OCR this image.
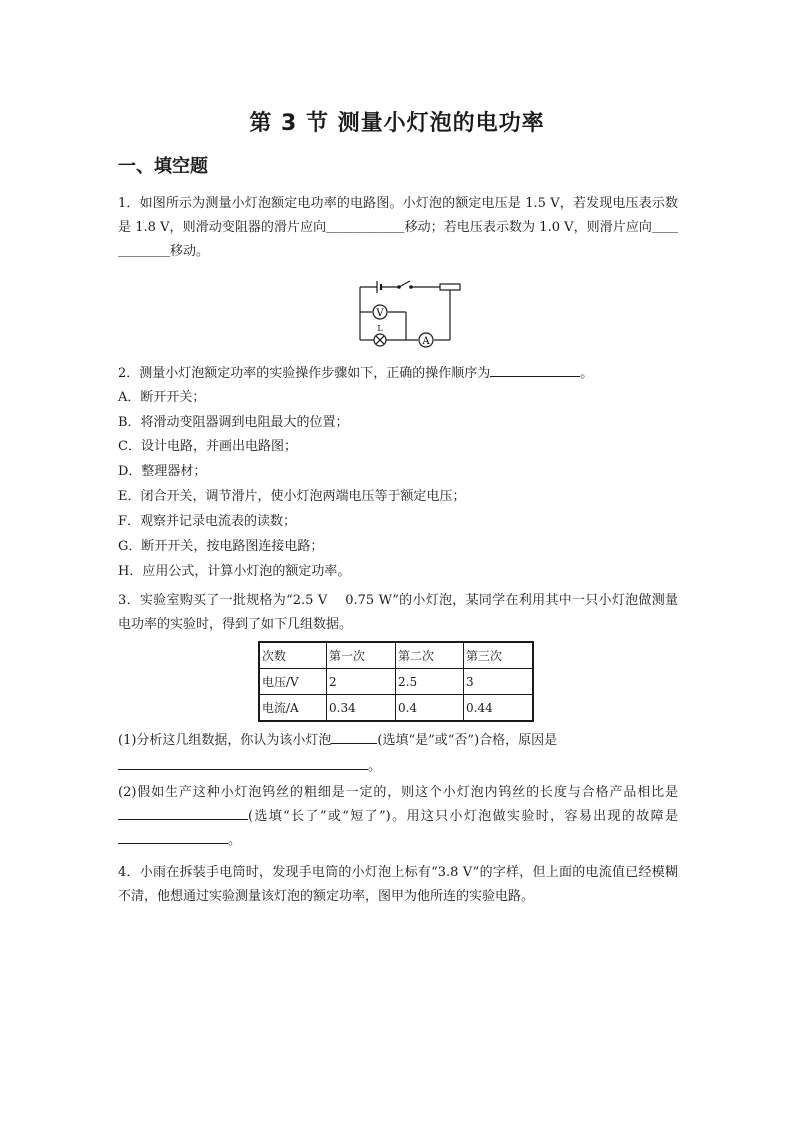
第 3 节 测量小灯泡的电功率
一、填空题
1．如图所示为测量小灯泡额定电功率的电路图。小灯泡的额定电压是 1.5 V，若发现电压表示数是 1.8 V，则滑动变阻器的滑片应向＿＿＿＿＿＿移动；若电压表示数为 1.0 V，则滑片应向＿＿＿＿＿＿移动。
V
L
A
2．测量小灯泡额定功率的实验操作步骤如下，正确的操作顺序为	。
A．断开开关；
B．将滑动变阻器调到电阻最大的位置；
C．设计电路，并画出电路图；
D．整理器材；
E．闭合开关，调节滑片，使小灯泡两端电压等于额定电压；
F．观察并记录电流表的读数；
G．断开开关，按电路图连接电路；
H．应用公式，计算小灯泡的额定功率。
3．实验室购买了一批规格为“2.5 V　 0.75 W”的小灯泡，某同学在利用其中一只小灯泡做测量电功率的实验时，得到了如下几组数据。
次数	第一次	第二次	第三次
电压/V	2	2.5	3
电流/A	0.34	0.4	0.44
(1)分析这几组数据，你认为该小灯泡	(选填“是”或“否”)合格，原因是
。
(2)假如生产这种小灯泡钨丝的粗细是一定的，则这个小灯泡内钨丝的长度与合格产品相比是(选填“长了”或“短了”)。用这只小灯泡做实验时，容易出现的故障是。
4．小雨在拆装手电筒时，发现手电筒的小灯泡上标有“3.8 V”的字样，但上面的电流值已经模糊不清，他想通过实验测量该灯泡的额定功率，图甲为他所连的实验电路。
